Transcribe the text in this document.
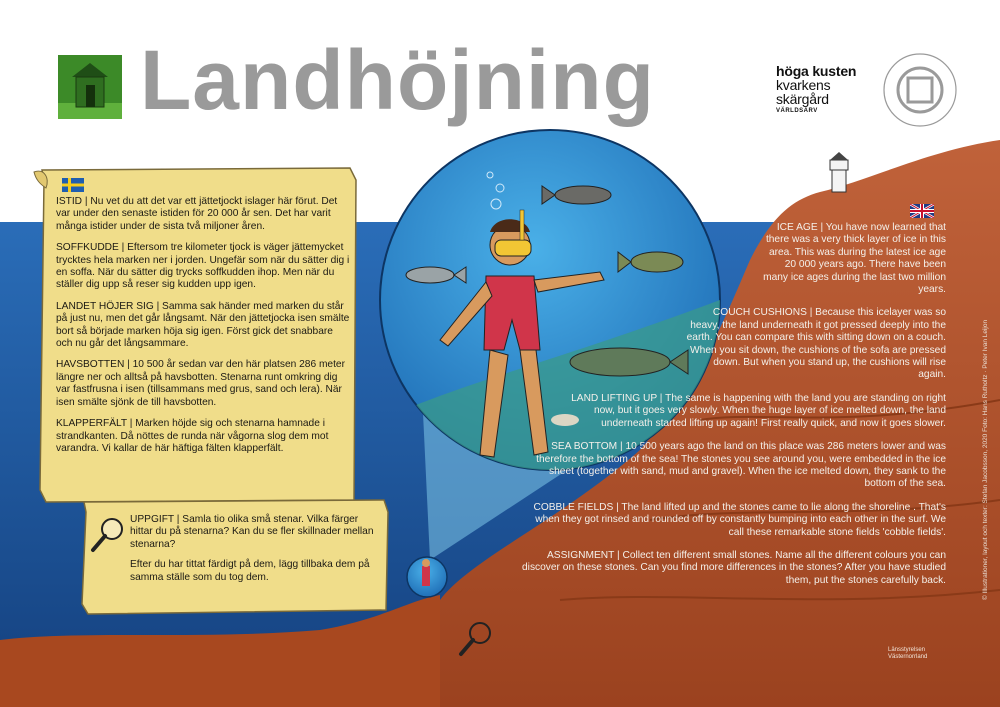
Landhöjning	höga kusten
kvarkens
skärgård
VÄRLDSARV

ISTID | Nu vet du att det var ett jättetjockt islager här förut. Det var under den senaste istiden för 20 000 år sen. Det har varit många istider under de sista två miljoner åren.

SOFFKUDDE | Eftersom tre kilometer tjock is väger jättemycket trycktes hela marken ner i jorden. Ungefär som när du sätter dig i en soffa. När du sätter dig trycks soffkudden ihop. Men när du ställer dig upp så reser sig kudden upp igen.

LANDET HÖJER SIG | Samma sak händer med marken du står på just nu, men det går långsamt. När den jättetjocka isen smälte bort så började marken höja sig igen. Först gick det snabbare och nu går det långsammare.

HAVSBOTTEN | 10 500 år sedan var den här platsen 286 meter längre ner och alltså på havsbotten. Stenarna runt omkring dig var fastfrusna i isen (tillsammans med grus, sand och lera). När isen smälte sjönk de till havsbotten.

KLAPPERFÄLT | Marken höjde sig och stenarna hamnade i strandkanten. Då nöttes de runda när vågorna slog dem mot varandra. Vi kallar de här häftiga fälten klapperfält.

UPPGIFT | Samla tio olika små stenar. Vilka färger hittar du på stenarna? Kan du se fler skillnader mellan stenarna?

Efter du har tittat färdigt på dem, lägg tillbaka dem på samma ställe som du tog dem.

ICE AGE | You have now learned that there was a very thick layer of ice in this area. This was during the latest ice age 20 000 years ago. There have been many ice ages during the last two million years.

COUCH CUSHIONS | Because this icelayer was so heavy, the land underneath it got pressed deeply into the earth. You can compare this with sitting down on a couch. When you sit down, the cushions of the sofa are pressed down. But when you stand up, the cushions will rise again.

LAND LIFTING UP | The same is happening with the land you are standing on right now, but it goes very slowly. When the huge layer of ice melted down, the land underneath started lifting up again! First really quick, and now it goes slower.

SEA BOTTOM | 10 500 years ago the land on this place was 286 meters lower and was therefore the bottom of the sea! The stones you see around you, were embedded in the ice sheet (together with sand, mud and gravel). When the ice melted down, they sank to the bottom of the sea.

COBBLE FIELDS | The land lifted up and the stones came to lie along the shoreline . That's when they got rinsed and rounded off by constantly bumping into each other in the surf. We call these remarkable stone fields 'cobble fields'.

ASSIGNMENT | Collect ten different small stones. Name all the different colours you can discover on these stones. Can you find more differences in the stones? After you have studied them, put the stones carefully back.	© Illustrationer, layout och texter: Stefan Jacobsson, 2020 Foto: Hans Rutholtz · Peter Ivan Leijon
Länsstyrelsen
Västernorrland
